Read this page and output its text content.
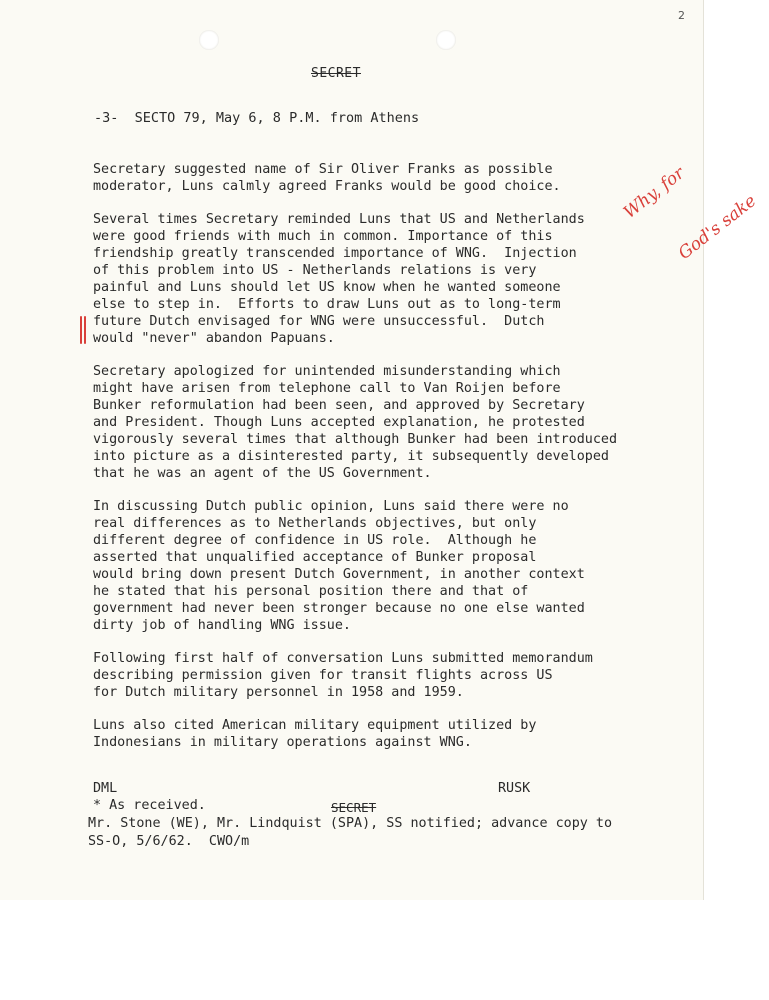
2
SECRET
-3-  SECTO 79, May 6, 8 P.M. from Athens

Why, for

God's sake

Secretary suggested name of Sir Oliver Franks as possible
moderator, Luns calmly agreed Franks would be good choice.

Several times Secretary reminded Luns that US and Netherlands
were good friends with much in common. Importance of this
friendship greatly transcended importance of WNG.  Injection
of this problem into US - Netherlands relations is very
painful and Luns should let US know when he wanted someone
else to step in.  Efforts to draw Luns out as to long-term
future Dutch envisaged for WNG were unsuccessful.  Dutch
would "never" abandon Papuans.

Secretary apologized for unintended misunderstanding which
might have arisen from telephone call to Van Roijen before
Bunker reformulation had been seen, and approved by Secretary
and President. Though Luns accepted explanation, he protested
vigorously several times that although Bunker had been introduced
into picture as a disinterested party, it subsequently developed
that he was an agent of the US Government.

In discussing Dutch public opinion, Luns said there were no
real differences as to Netherlands objectives, but only
different degree of confidence in US role.  Although he
asserted that unqualified acceptance of Bunker proposal
would bring down present Dutch Government, in another context
he stated that his personal position there and that of
government had never been stronger because no one else wanted
dirty job of handling WNG issue.

Following first half of conversation Luns submitted memorandum
describing permission given for transit flights across US
for Dutch military personnel in 1958 and 1959.

Luns also cited American military equipment utilized by
Indonesians in military operations against WNG.

DML	RUSK
* As received.	SECRET
Mr. Stone (WE), Mr. Lindquist (SPA), SS notified; advance copy to
SS-O, 5/6/62.  CWO/m
